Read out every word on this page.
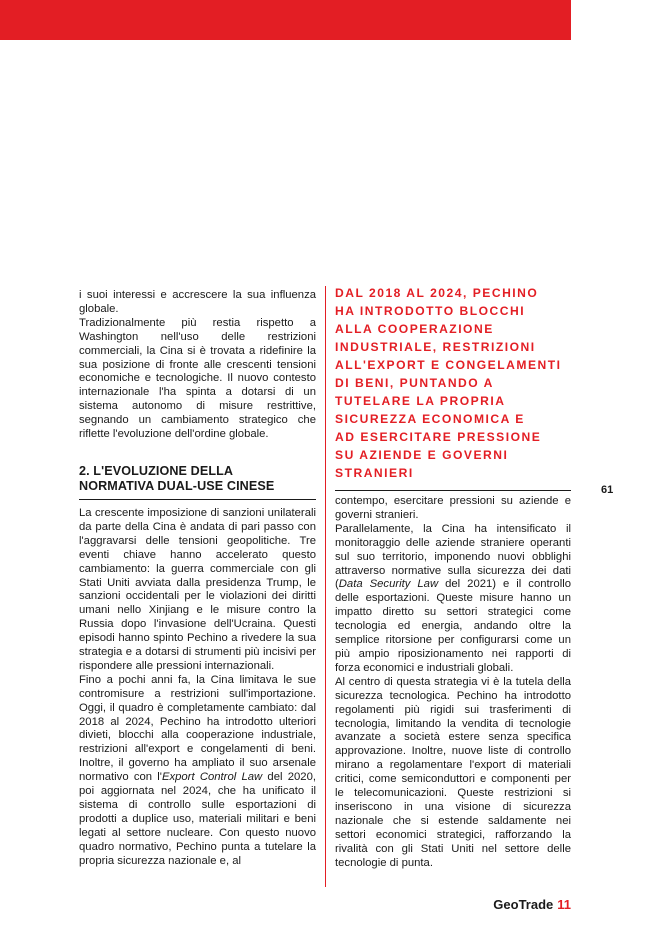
i suoi interessi e accrescere la sua influenza globale.

Tradizionalmente più restia rispetto a Washington nell'uso delle restrizioni commerciali, la Cina si è trovata a ridefinire la sua posizione di fronte alle crescenti tensioni economiche e tecnologiche. Il nuovo contesto internazionale l'ha spinta a dotarsi di un sistema autonomo di misure restrittive, segnando un cambiamento strategico che riflette l'evoluzione dell'ordine globale.

2. L'EVOLUZIONE DELLA
NORMATIVA DUAL-USE CINESE

La crescente imposizione di sanzioni unilaterali da parte della Cina è andata di pari passo con l'aggravarsi delle tensioni geopolitiche. Tre eventi chiave hanno accelerato questo cambiamento: la guerra commerciale con gli Stati Uniti avviata dalla presidenza Trump, le sanzioni occidentali per le violazioni dei diritti umani nello Xinjiang e le misure contro la Russia dopo l'invasione dell'Ucraina. Questi episodi hanno spinto Pechino a rivedere la sua strategia e a dotarsi di strumenti più incisivi per rispondere alle pressioni internazionali.

Fino a pochi anni fa, la Cina limitava le sue contromisure a restrizioni sull'importazione. Oggi, il quadro è completamente cambiato: dal 2018 al 2024, Pechino ha introdotto ulteriori divieti, blocchi alla cooperazione industriale, restrizioni all'export e congelamenti di beni. Inoltre, il governo ha ampliato il suo arsenale normativo con l'Export Control Law del 2020, poi aggiornata nel 2024, che ha unificato il sistema di controllo sulle esportazioni di prodotti a duplice uso, materiali militari e beni legati al settore nucleare. Con questo nuovo quadro normativo, Pechino punta a tutelare la propria sicurezza nazionale e, al

DAL 2018 AL 2024, PECHINO
HA INTRODOTTO BLOCCHI
ALLA COOPERAZIONE
INDUSTRIALE, RESTRIZIONI
ALL'EXPORT E CONGELAMENTI
DI BENI, PUNTANDO A
TUTELARE LA PROPRIA
SICUREZZA ECONOMICA E
AD ESERCITARE PRESSIONE
SU AZIENDE E GOVERNI
STRANIERI

contempo, esercitare pressioni su aziende e governi stranieri.

Parallelamente, la Cina ha intensificato il monitoraggio delle aziende straniere operanti sul suo territorio, imponendo nuovi obblighi attraverso normative sulla sicurezza dei dati (Data Security Law del 2021) e il controllo delle esportazioni. Queste misure hanno un impatto diretto su settori strategici come tecnologia ed energia, andando oltre la semplice ritorsione per configurarsi come un più ampio riposizionamento nei rapporti di forza economici e industriali globali.

Al centro di questa strategia vi è la tutela della sicurezza tecnologica. Pechino ha introdotto regolamenti più rigidi sui trasferimenti di tecnologia, limitando la vendita di tecnologie avanzate a società estere senza specifica approvazione. Inoltre, nuove liste di controllo mirano a regolamentare l'export di materiali critici, come semiconduttori e componenti per le telecomunicazioni. Queste restrizioni si inseriscono in una visione di sicurezza nazionale che si estende saldamente nei settori economici strategici, rafforzando la rivalità con gli Stati Uniti nel settore delle tecnologie di punta.

61
GeoTrade 11
